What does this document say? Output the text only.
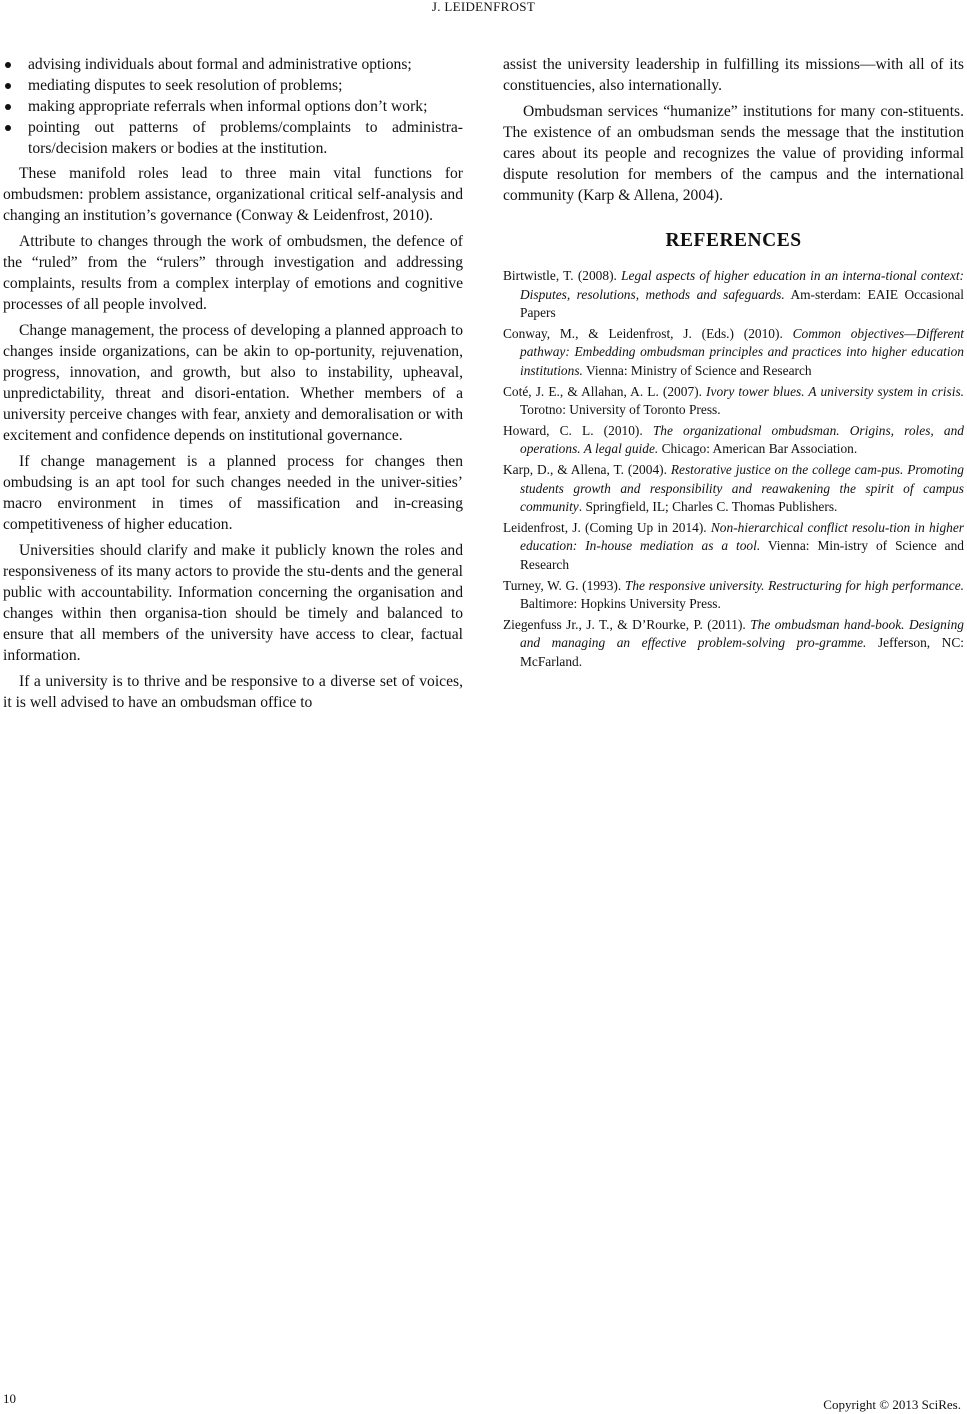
J. LEIDENFROST
advising individuals about formal and administrative options;
mediating disputes to seek resolution of problems;
making appropriate referrals when informal options don’t work;
pointing out patterns of problems/complaints to administra-tors/decision makers or bodies at the institution.

These manifold roles lead to three main vital functions for ombudsmen: problem assistance, organizational critical self-analysis and changing an institution’s governance (Conway & Leidenfrost, 2010).

Attribute to changes through the work of ombudsmen, the defence of the “ruled” from the “rulers” through investigation and addressing complaints, results from a complex interplay of emotions and cognitive processes of all people involved.

Change management, the process of developing a planned approach to changes inside organizations, can be akin to op-portunity, rejuvenation, progress, innovation, and growth, but also to instability, upheaval, unpredictability, threat and disori-entation. Whether members of a university perceive changes with fear, anxiety and demoralisation or with excitement and confidence depends on institutional governance.

If change management is a planned process for changes then ombudsing is an apt tool for such changes needed in the univer-sities’ macro environment in times of massification and in-creasing competitiveness of higher education.

Universities should clarify and make it publicly known the roles and responsiveness of its many actors to provide the stu-dents and the general public with accountability. Information concerning the organisation and changes within then organisa-tion should be timely and balanced to ensure that all members of the university have access to clear, factual information.

If a university is to thrive and be responsive to a diverse set of voices, it is well advised to have an ombudsman office to

assist the university leadership in fulfilling its missions—with all of its constituencies, also internationally.

Ombudsman services “humanize” institutions for many con-stituents. The existence of an ombudsman sends the message that the institution cares about its people and recognizes the value of providing informal dispute resolution for members of the campus and the international community (Karp & Allena, 2004).

REFERENCES
Birtwistle, T. (2008). Legal aspects of higher education in an interna-tional context: Disputes, resolutions, methods and safeguards. Am-sterdam: EAIE Occasional Papers
Conway, M., & Leidenfrost, J. (Eds.) (2010). Common objectives—Different pathway: Embedding ombudsman principles and practices into higher education institutions. Vienna: Ministry of Science and Research
Coté, J. E., & Allahan, A. L. (2007). Ivory tower blues. A university system in crisis. Torotno: University of Toronto Press.
Howard, C. L. (2010). The organizational ombudsman. Origins, roles, and operations. A legal guide. Chicago: American Bar Association.
Karp, D., & Allena, T. (2004). Restorative justice on the college cam-pus. Promoting students growth and responsibility and reawakening the spirit of campus community. Springfield, IL; Charles C. Thomas Publishers.
Leidenfrost, J. (Coming Up in 2014). Non-hierarchical conflict resolu-tion in higher education: In-house mediation as a tool. Vienna: Min-istry of Science and Research
Turney, W. G. (1993). The responsive university. Restructuring for high performance. Baltimore: Hopkins University Press.
Ziegenfuss Jr., J. T., & D’Rourke, P. (2011). The ombudsman hand-book. Designing and managing an effective problem-solving pro-gramme. Jefferson, NC: McFarland.
10	Copyright © 2013 SciRes.
